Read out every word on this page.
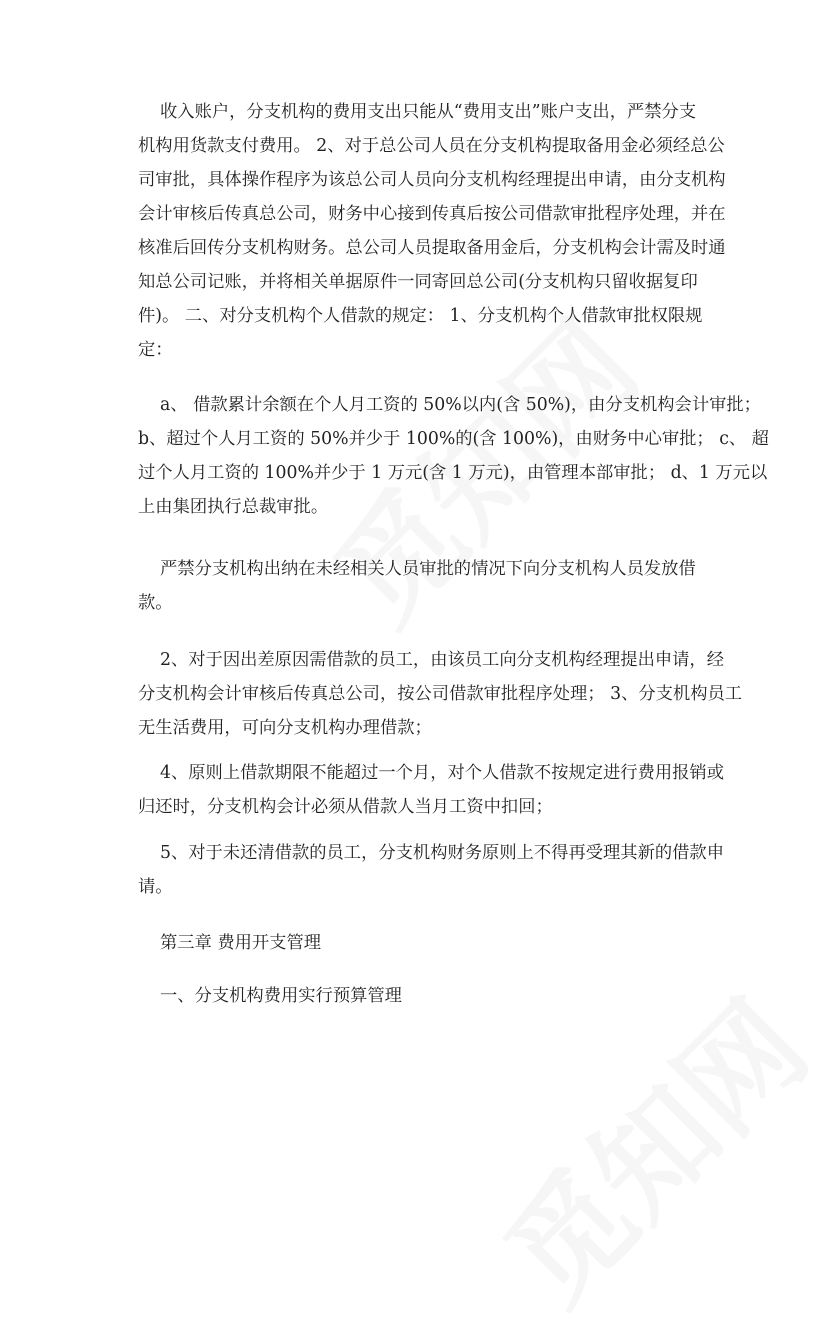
收入账户，分支机构的费用支出只能从“费用支出”账户支出，严禁分支
机构用货款支付费用。 2、对于总公司人员在分支机构提取备用金必须经总公
司审批，具体操作程序为该总公司人员向分支机构经理提出申请，由分支机构
会计审核后传真总公司，财务中心接到传真后按公司借款审批程序处理，并在
核准后回传分支机构财务。总公司人员提取备用金后，分支机构会计需及时通
知总公司记账，并将相关单据原件一同寄回总公司(分支机构只留收据复印
件)。 二、对分支机构个人借款的规定： 1、分支机构个人借款审批权限规
定：
a、 借款累计余额在个人月工资的 50%以内(含 50%)，由分支机构会计审批；
b、超过个人月工资的 50%并少于 100%的(含 100%)，由财务中心审批； c、 超
过个人月工资的 100%并少于 1 万元(含 1 万元)，由管理本部审批； d、1 万元以
上由集团执行总裁审批。
严禁分支机构出纳在未经相关人员审批的情况下向分支机构人员发放借
款。
2、对于因出差原因需借款的员工，由该员工向分支机构经理提出申请，经
分支机构会计审核后传真总公司，按公司借款审批程序处理； 3、分支机构员工
无生活费用，可向分支机构办理借款；
4、原则上借款期限不能超过一个月，对个人借款不按规定进行费用报销或
归还时，分支机构会计必须从借款人当月工资中扣回；
5、对于未还清借款的员工，分支机构财务原则上不得再受理其新的借款申
请。
第三章 费用开支管理
一、分支机构费用实行预算管理
